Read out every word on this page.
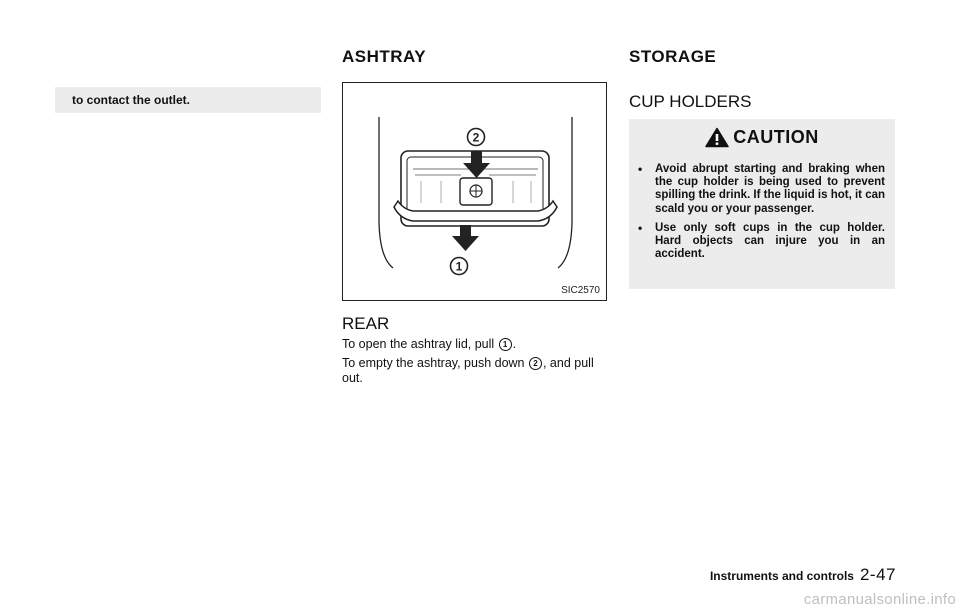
to contact the outlet.
ASHTRAY
2
1
SIC2570
REAR

To open the ashtray lid, pull 1 .

To empty the ashtray, push down 2 , and pull out.

STORAGE
CUP HOLDERS
CAUTION
• Avoid abrupt starting and braking when the cup holder is being used to prevent spilling the drink. If the liquid is hot, it can scald you or your passenger.
• Use only soft cups in the cup holder. Hard objects can injure you in an accident.
Instruments and controls 2-47
carmanualsonline.info
